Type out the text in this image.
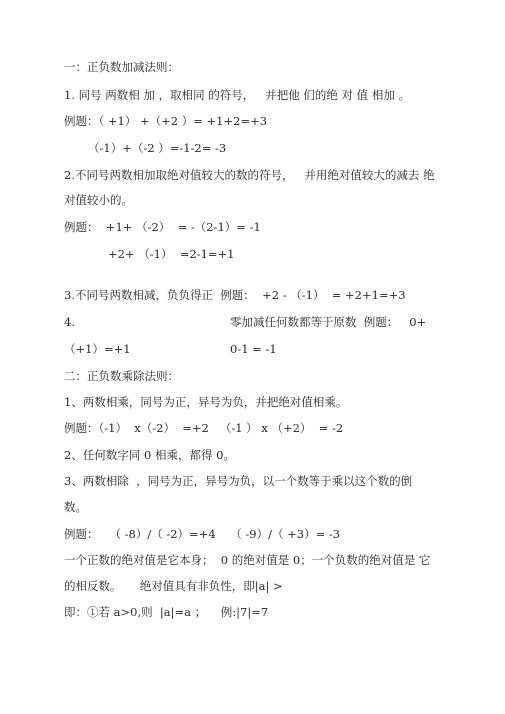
一：正负数加减法则：
1. 同号 两数相 加 ，取相同 的符号，   并把他 们的绝 对 值 相加 。
例题：（ +1） +（+2 ）= +1+2=+3
（-1）+（-2 ）=-1-2= -3
2.不同号两数相加取绝对值较大的数的符号，   并用绝对值较大的减去 绝
对值较小的。
例题：  +1+ （-2）  = -（2-1）= -1
+2+ （-1）  =2-1=+1
3.不同号两数相减，负负得正  例题：  +2 - （-1）  = +2+1=+3
4.	零加减任何数都等于原数  例题：   0+
（+1）=+1	0-1 = -1
二：正负数乘除法则：
1、两数相乘，同号为正，异号为负，并把绝对值相乘。
例题：（-1）  x（-2）  =+2   （-1 ） x （+2）  = -2
2、任何数字同 0 相乘，都得 0。
3、两数相除  ，同号为正，异号为负，以一个数等于乘以这个数的倒
数。
例题：   （ -8）/（ -2）=+4    （ -9）/（ +3）= -3
一个正数的绝对值是它本身；  0 的绝对值是 0；一个负数的绝对值是 它
的相反数。     绝对值具有非负性，即|a| >
即：①若 a>0,则  |a|=a ；    例:|7|=7
